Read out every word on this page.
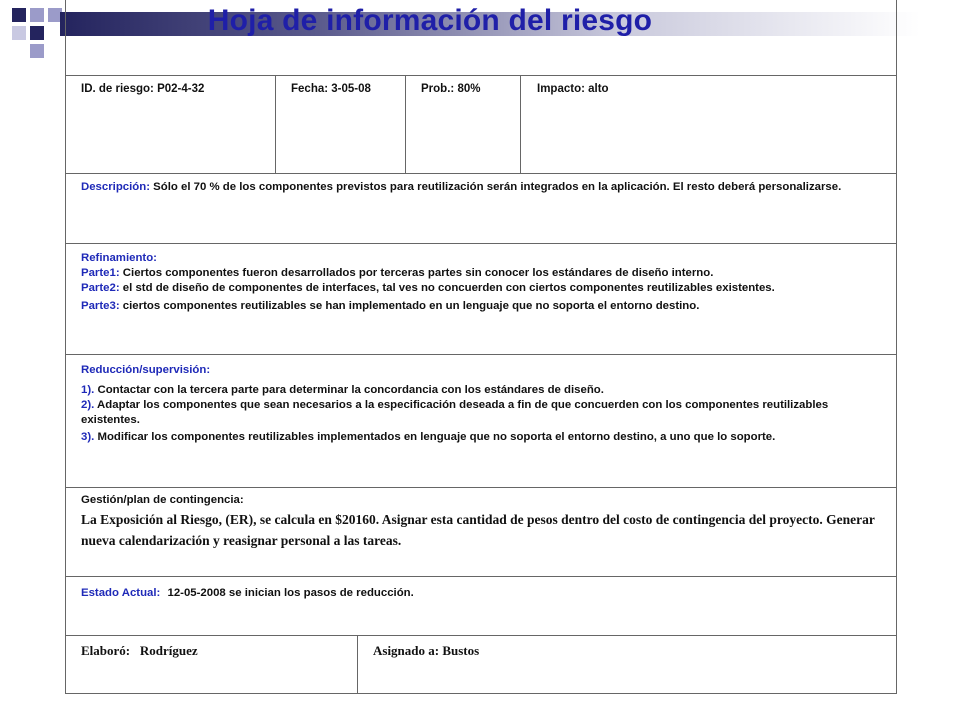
Hoja de información del riesgo
ID. de riesgo: P02-4-32	Fecha: 3-05-08	Prob.: 80%	Impacto: alto
Descripción: Sólo el 70 % de los componentes previstos para reutilización serán integrados en la aplicación. El resto deberá personalizarse.

Refinamiento:

Parte1: Ciertos componentes fueron desarrollados por terceras partes sin conocer los estándares de diseño interno.

Parte2: el std de diseño de componentes de interfaces, tal ves no concuerden con ciertos componentes reutilizables existentes.

Parte3: ciertos componentes reutilizables se han implementado en un lenguaje que no soporta el entorno destino.

Reducción/supervisión:

1). Contactar con la tercera parte para determinar la concordancia con los estándares de diseño.

2). Adaptar los componentes que sean necesarios a la especificación deseada a fin de que concuerden con los componentes reutilizables existentes.

3). Modificar los componentes reutilizables implementados en lenguaje que no soporta el entorno destino, a uno que lo soporte.

Gestión/plan de contingencia:

La Exposición al Riesgo, (ER), se calcula en $20160. Asignar esta cantidad de pesos dentro del costo de contingencia del proyecto. Generar nueva calendarización y reasignar personal a las tareas.

Estado Actual: 12-05-2008 se inician los pasos de reducción.
Elaboró:   Rodríguez	Asignado a: Bustos
